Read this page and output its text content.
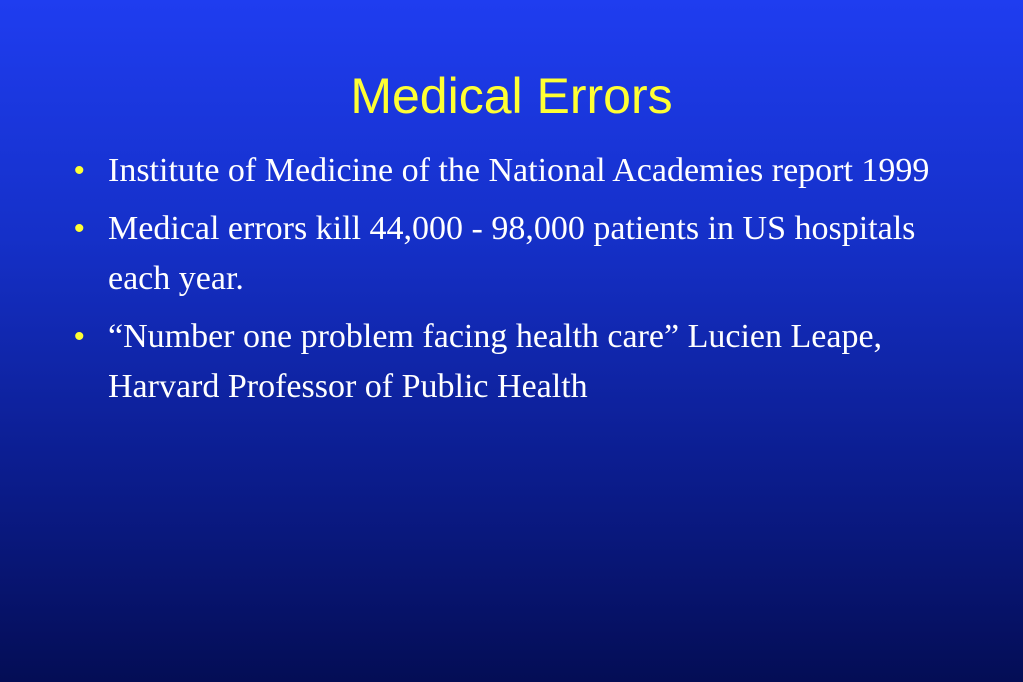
Medical Errors
• Institute of Medicine of the National Academies report 1999
• Medical errors kill 44,000 - 98,000 patients in US hospitals each year.
• “Number one problem facing health care” Lucien Leape, Harvard Professor of Public Health
